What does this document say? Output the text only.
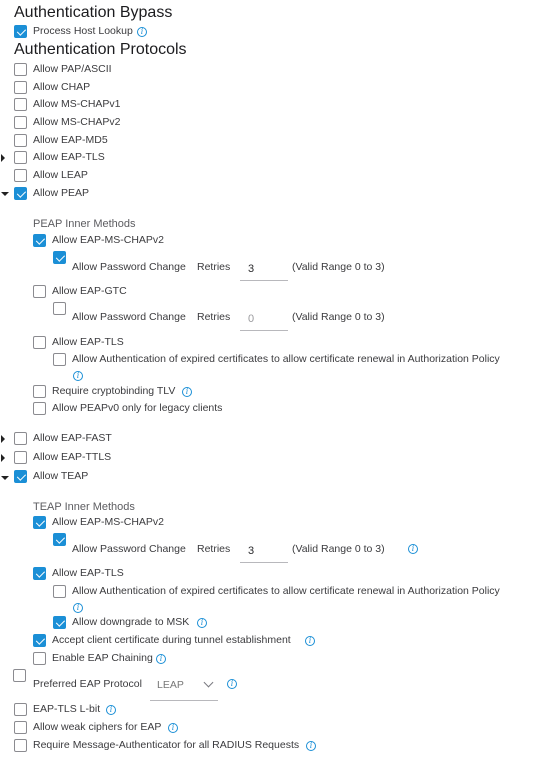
Authentication Bypass
Process Host Lookup i
Authentication Protocols
Allow PAP/ASCII
Allow CHAP
Allow MS-CHAPv1
Allow MS-CHAPv2
Allow EAP-MD5
Allow EAP-TLS
Allow LEAP
Allow PEAP
PEAP Inner Methods
Allow EAP-MS-CHAPv2
Allow Password Change Retries
3	(Valid Range 0 to 3)
Allow EAP-GTC
Allow Password Change Retries
0	(Valid Range 0 to 3)
Allow EAP-TLS
Allow Authentication of expired certificates to allow certificate renewal in Authorization Policy
i
Require cryptobinding TLV	i
Allow PEAPv0 only for legacy clients
Allow EAP-FAST
Allow EAP-TTLS
Allow TEAP
TEAP Inner Methods
Allow EAP-MS-CHAPv2
Allow Password Change Retries
3	(Valid Range 0 to 3)	i
Allow EAP-TLS
Allow Authentication of expired certificates to allow certificate renewal in Authorization Policy
i
Allow downgrade to MSK	i
Accept client certificate during tunnel establishment	i
Enable EAP Chaining i
Preferred EAP Protocol LEAP	i
EAP-TLS L-bit	i
Allow weak ciphers for EAP	i
Require Message-Authenticator for all RADIUS Requests	i
